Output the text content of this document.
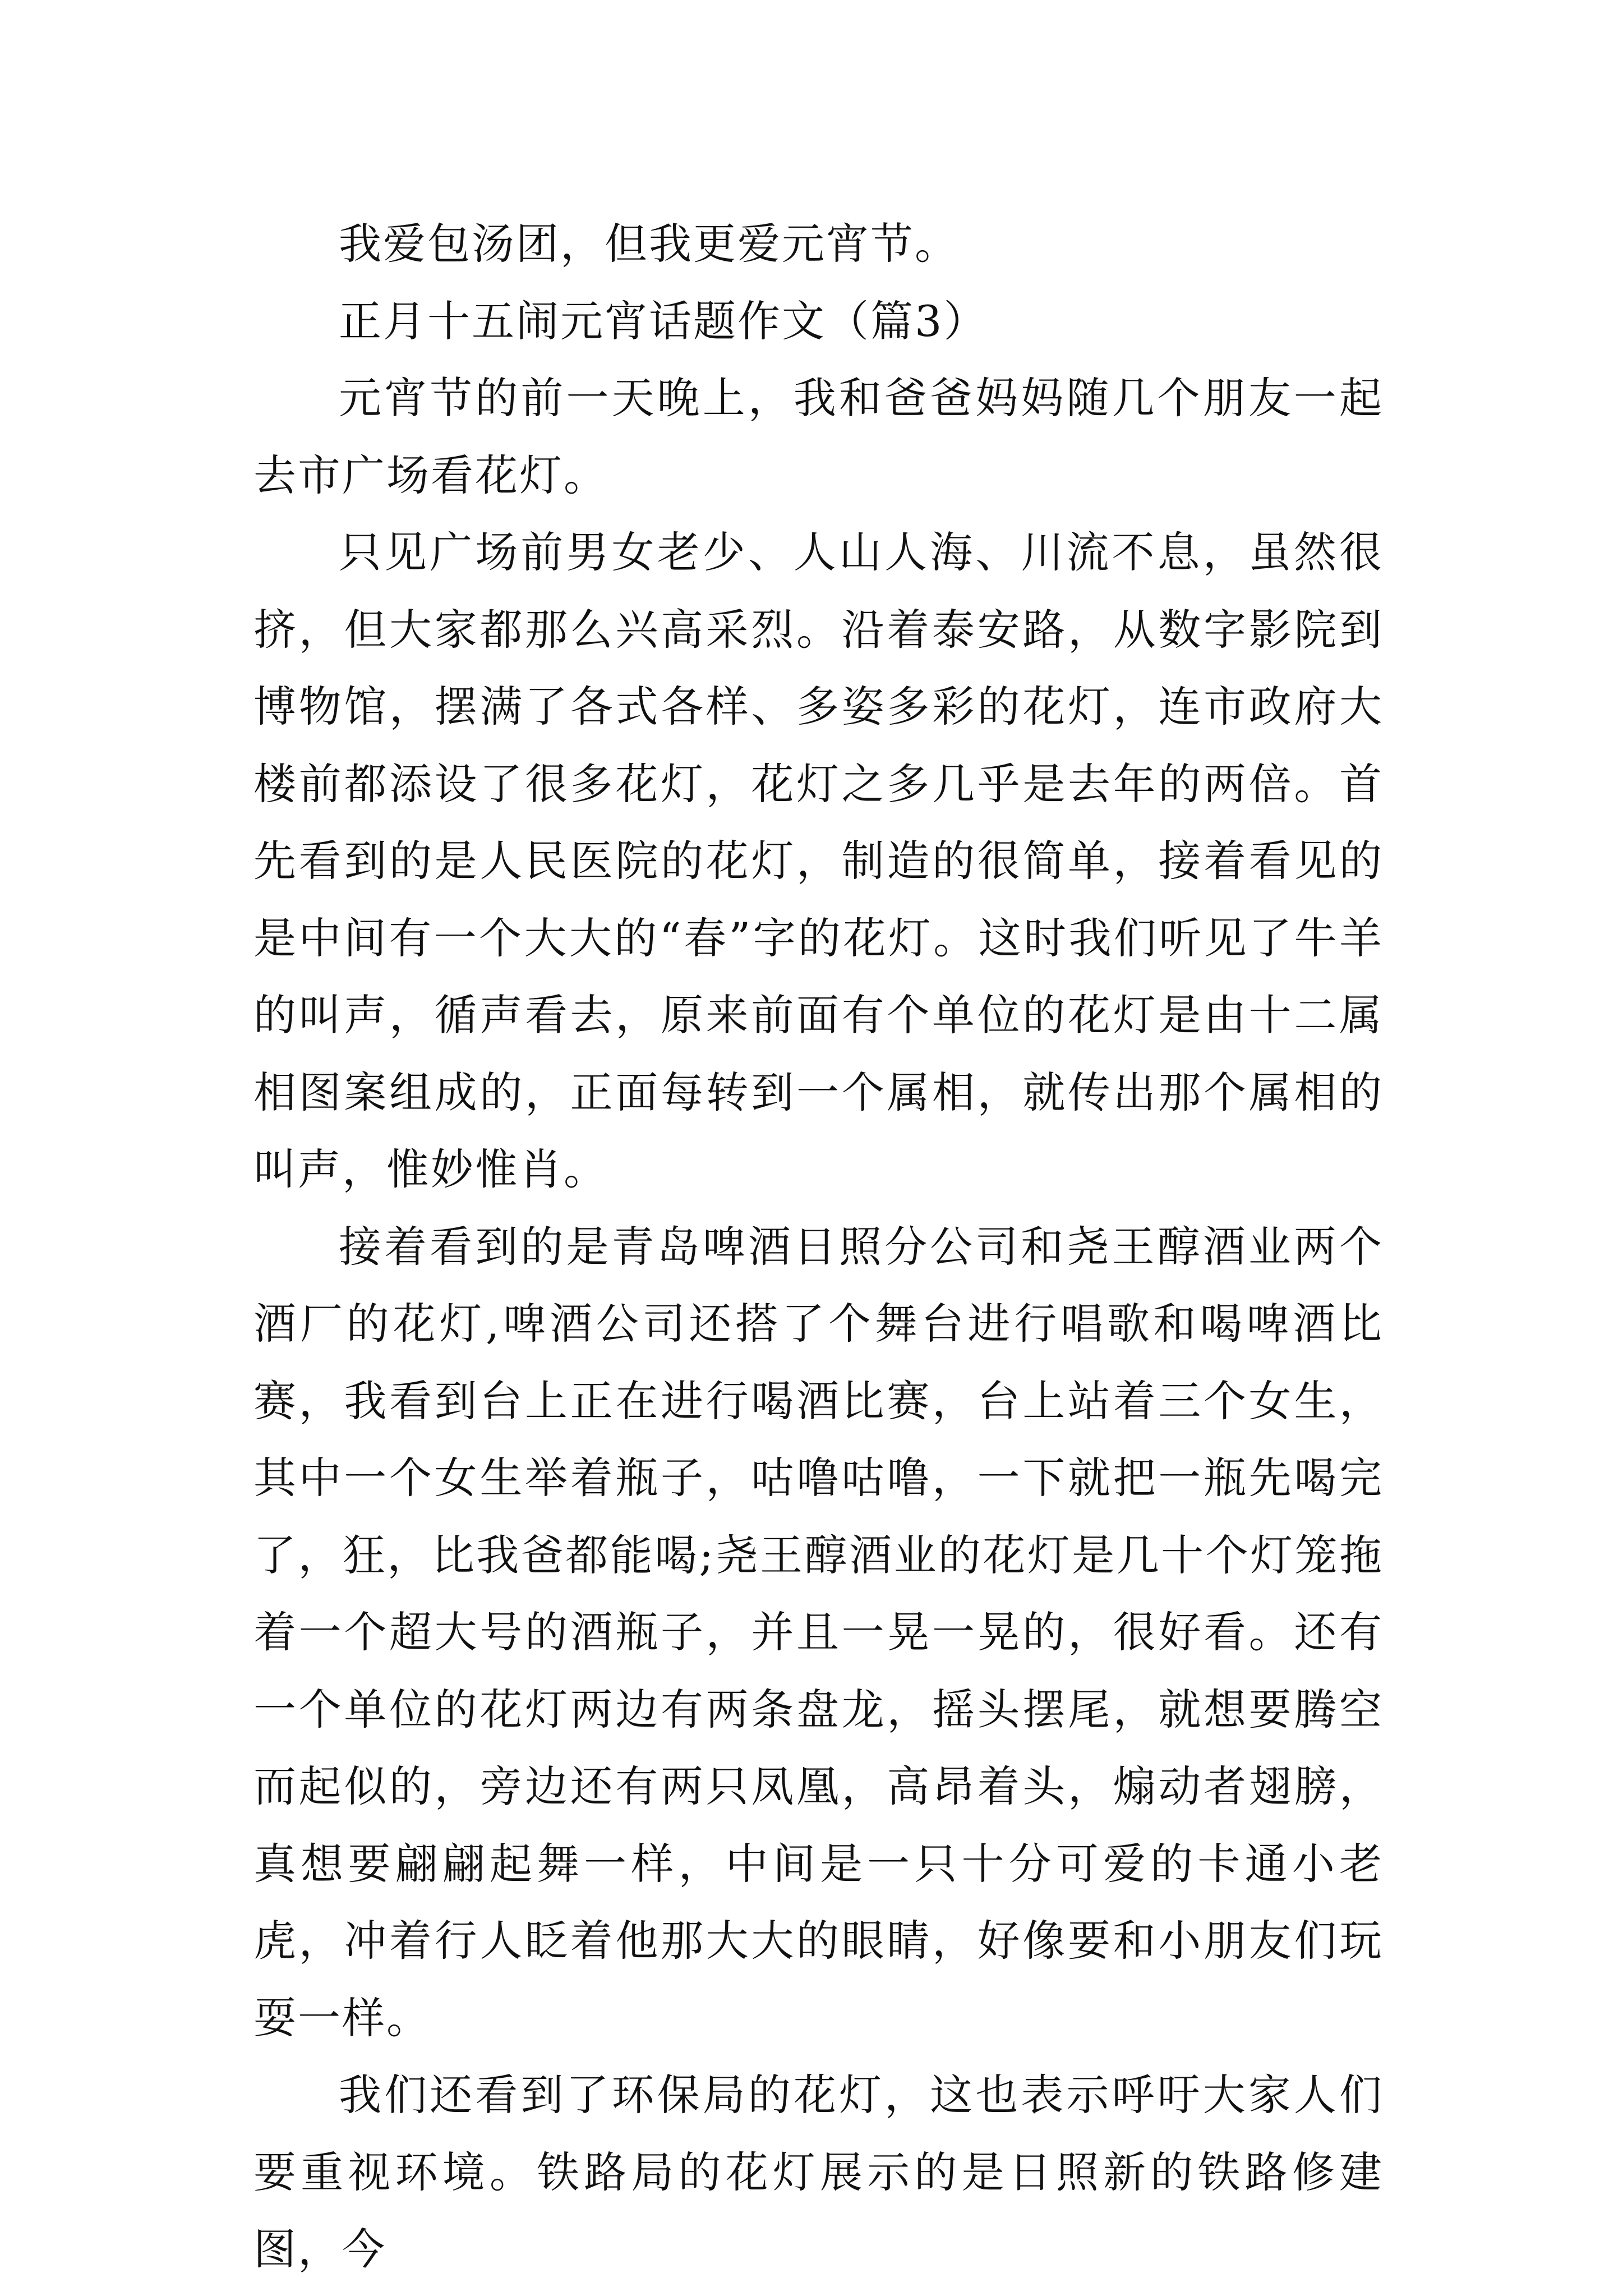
我爱包汤团，但我更爱元宵节。

正月十五闹元宵话题作文（篇3）

元宵节的前一天晚上，我和爸爸妈妈随几个朋友一起去市广场看花灯。

只见广场前男女老少、人山人海、川流不息，虽然很挤，但大家都那么兴高采烈。沿着泰安路，从数字影院到博物馆，摆满了各式各样、多姿多彩的花灯，连市政府大楼前都添设了很多花灯，花灯之多几乎是去年的两倍。首先看到的是人民医院的花灯，制造的很简单，接着看见的是中间有一个大大的“春”字的花灯。这时我们听见了牛羊的叫声，循声看去，原来前面有个单位的花灯是由十二属相图案组成的，正面每转到一个属相，就传出那个属相的叫声，惟妙惟肖。

接着看到的是青岛啤酒日照分公司和尧王醇酒业两个酒厂的花灯,啤酒公司还搭了个舞台进行唱歌和喝啤酒比赛，我看到台上正在进行喝酒比赛，台上站着三个女生，其中一个女生举着瓶子，咕噜咕噜，一下就把一瓶先喝完了，狂，比我爸都能喝;尧王醇酒业的花灯是几十个灯笼拖着一个超大号的酒瓶子，并且一晃一晃的，很好看。还有一个单位的花灯两边有两条盘龙，摇头摆尾，就想要腾空而起似的，旁边还有两只凤凰，高昂着头，煽动者翅膀，真想要翩翩起舞一样，中间是一只十分可爱的卡通小老虎，冲着行人眨着他那大大的眼睛，好像要和小朋友们玩耍一样。

我们还看到了环保局的花灯，这也表示呼吁大家人们要重视环境。铁路局的花灯展示的是日照新的铁路修建图，今
